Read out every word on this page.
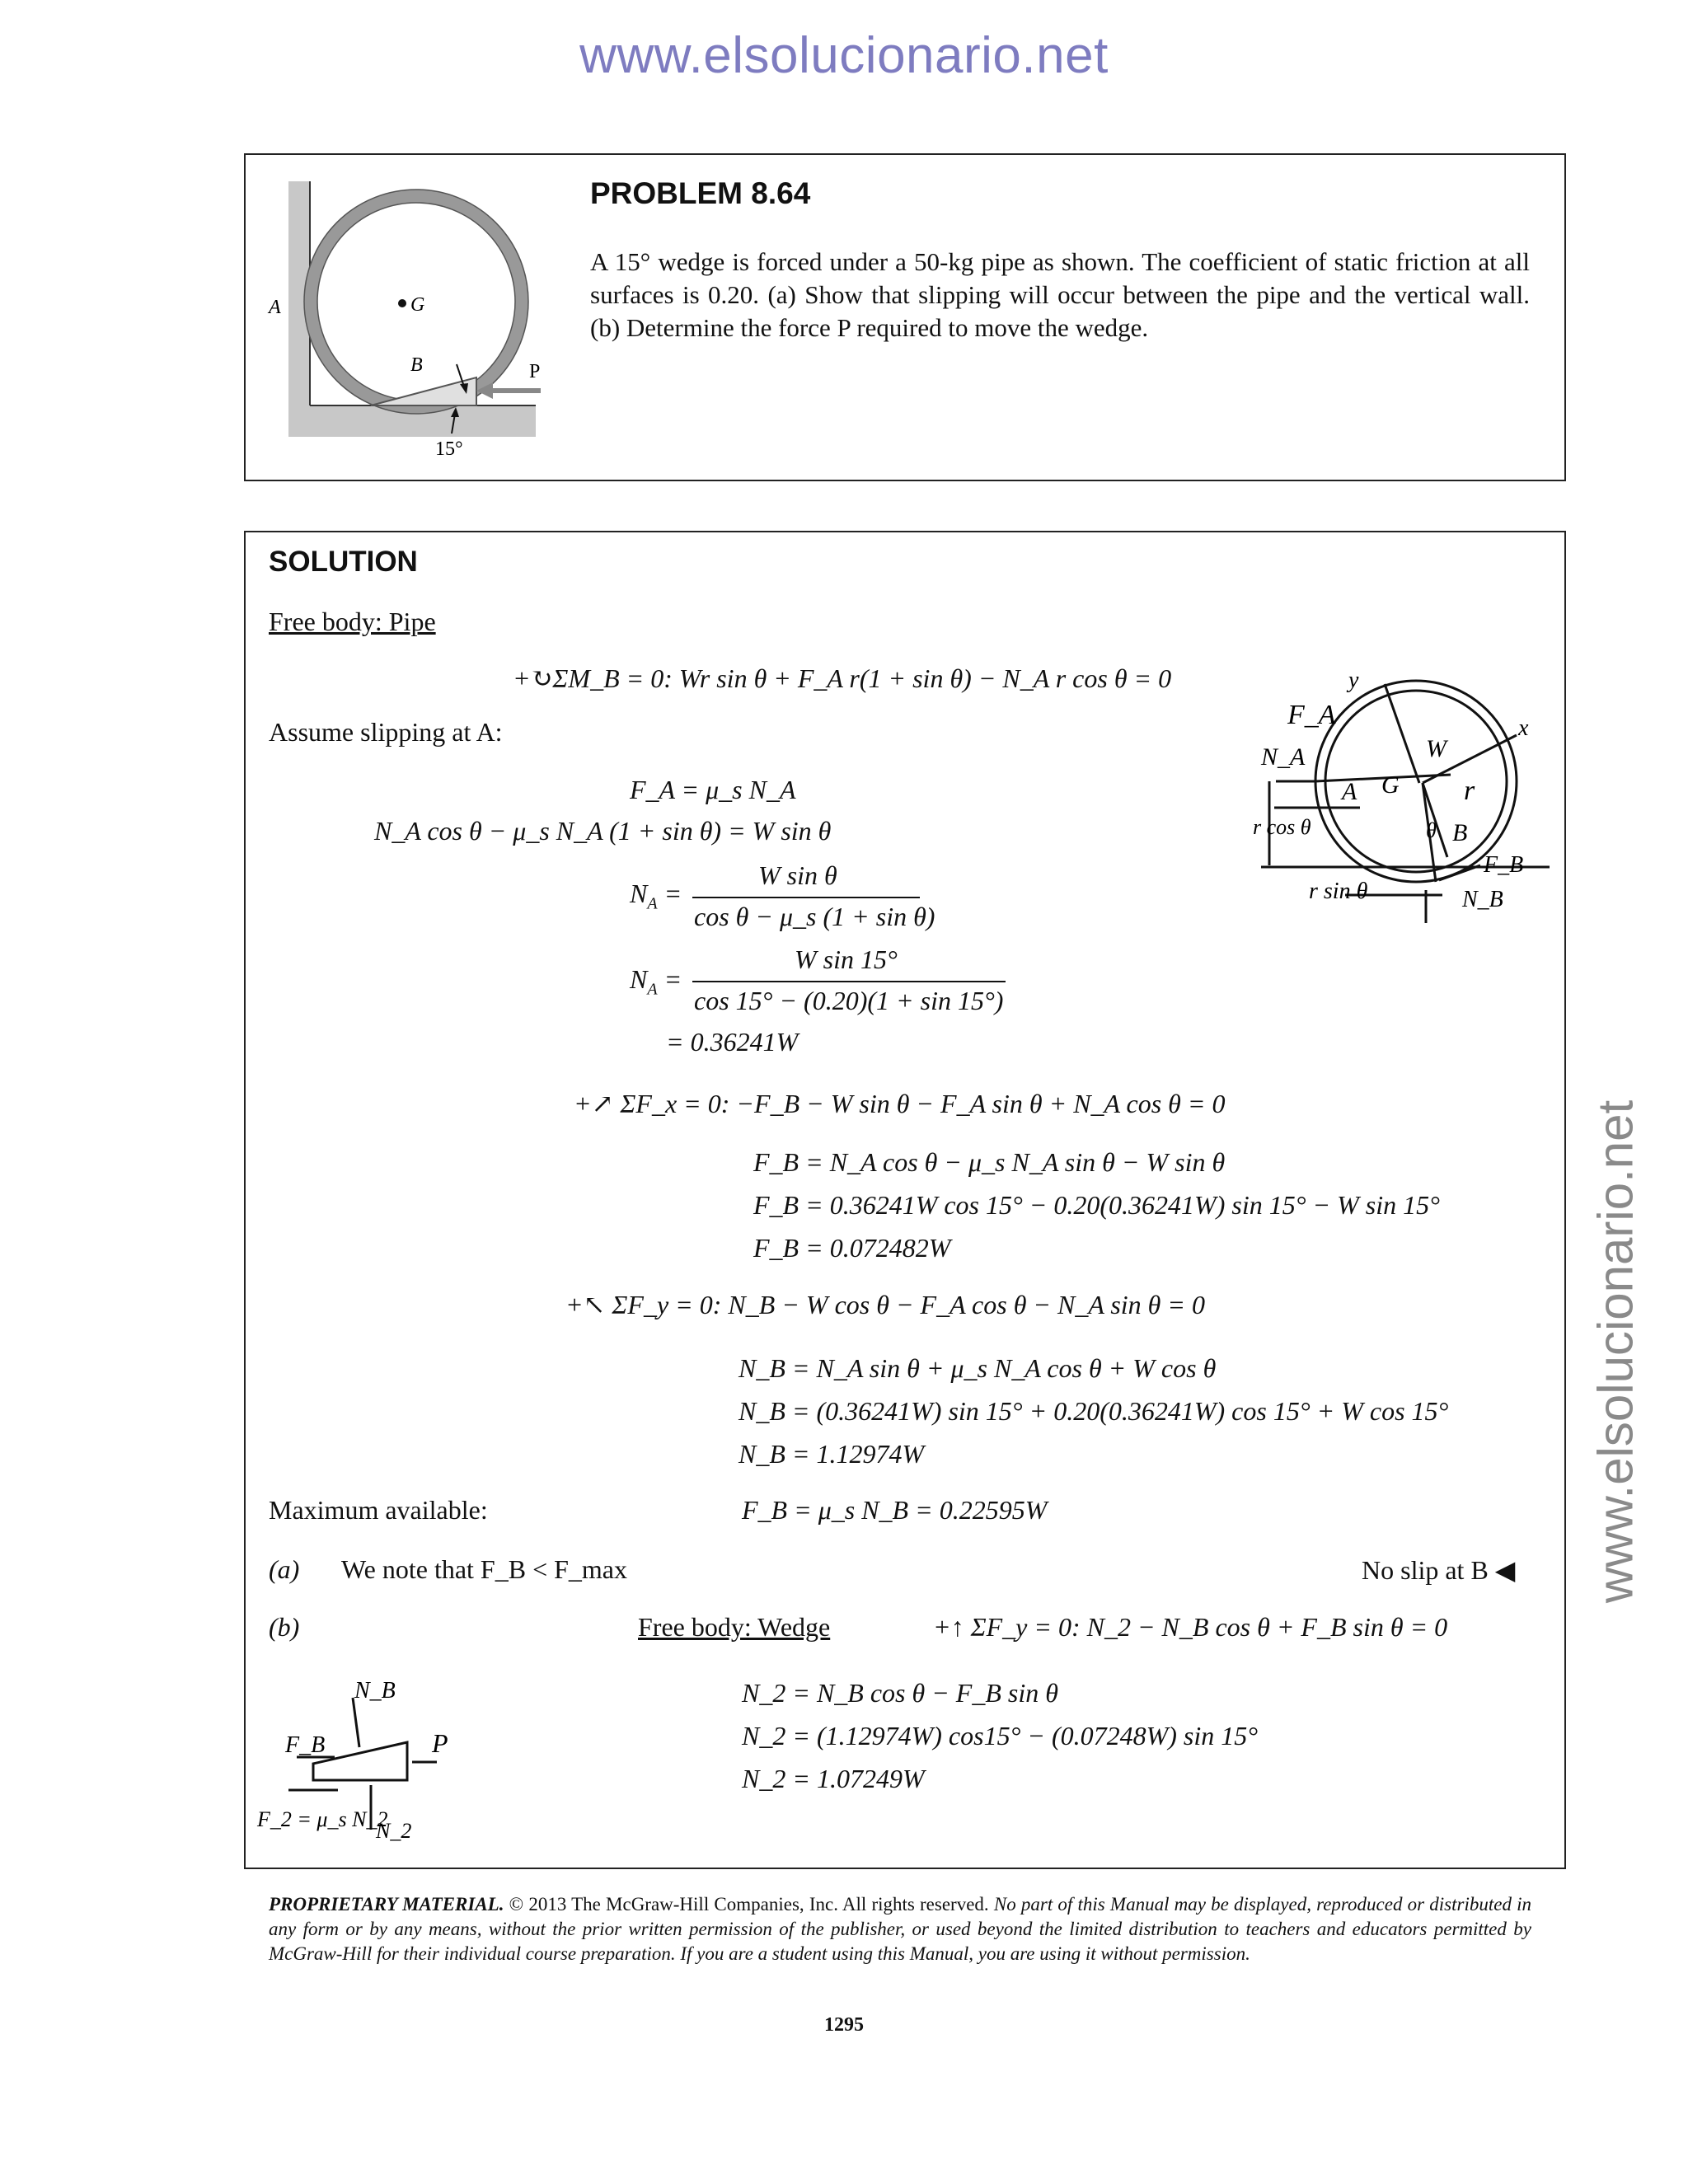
www.elsolucionario.net
www.elsolucionario.net
A	G
B	P
15°
PROBLEM 8.64
A 15° wedge is forced under a 50-kg pipe as shown. The coefficient of static friction at all surfaces is 0.20. (a) Show that slipping will occur between the pipe and the vertical wall. (b) Determine the force P required to move the wedge.
SOLUTION
Free body: Pipe
+↻ΣM_B = 0: Wr sin θ + F_A r(1 + sin θ) − N_A r cos θ = 0
Assume slipping at A:
F_A = μ_s N_A
N_A cos θ − μ_s N_A (1 + sin θ) = W sin θ
$N_A$ =
W sin θ
cos θ − μ_s (1 + sin θ)
$N_A$ =
W sin 15°
cos 15° − (0.20)(1 + sin 15°)
= 0.36241W
+↗ ΣF_x = 0: −F_B − W sin θ − F_A sin θ + N_A cos θ = 0
F_B = N_A cos θ − μ_s N_A sin θ − W sin θ
F_B = 0.36241W cos 15° − 0.20(0.36241W) sin 15° − W sin 15°
F_B = 0.072482W
+↖ ΣF_y = 0: N_B − W cos θ − F_A cos θ − N_A sin θ = 0
N_B = N_A sin θ + μ_s N_A cos θ + W cos θ
N_B = (0.36241W) sin 15° + 0.20(0.36241W) cos 15° + W cos 15°
N_B = 1.12974W
Maximum available:	F_B = μ_s N_B = 0.22595W
(a) We note that F_B < F_max	No slip at B ◀
(b)	Free body: Wedge	+↑ ΣF_y = 0: N_2 − N_B cos θ + F_B sin θ = 0
N_2 = N_B cos θ − F_B sin θ
N_2 = (1.12974W) cos15° − (0.07248W) sin 15°
N_2 = 1.07249W
F_A
N_A
A G
W
r
y
x
θ B
r cos θ
r sin θ
F_B
N_B
N_B
F_B	P
F_2 = μ_s N_2
N_2
PROPRIETARY MATERIAL. © 2013 The McGraw-Hill Companies, Inc. All rights reserved. No part of this Manual may be displayed, reproduced or distributed in any form or by any means, without the prior written permission of the publisher, or used beyond the limited distribution to teachers and educators permitted by McGraw-Hill for their individual course preparation. If you are a student using this Manual, you are using it without permission.
1295
